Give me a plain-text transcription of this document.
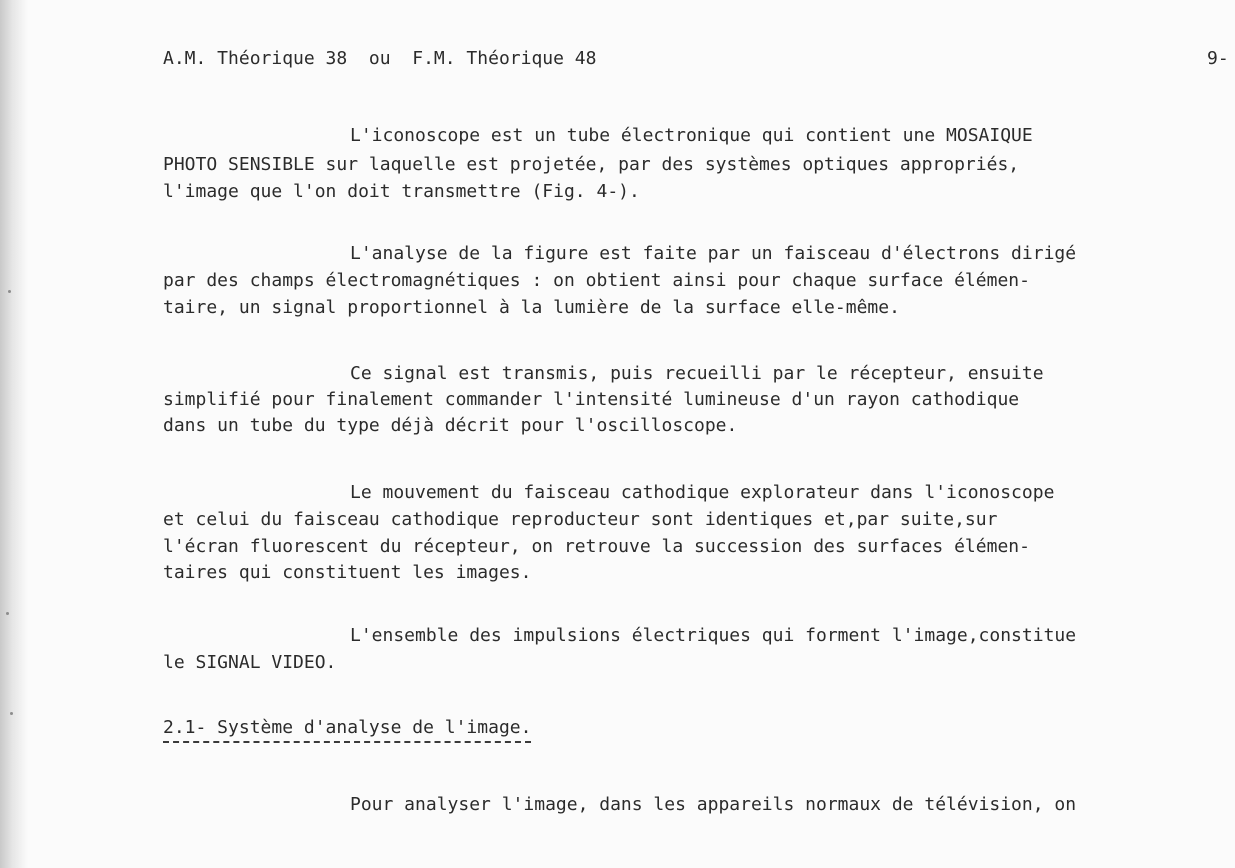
A.M. Théorique 38  ou  F.M. Théorique 48	9-
L'iconoscope est un tube électronique qui contient une MOSAIQUE
PHOTO SENSIBLE sur laquelle est projetée, par des systèmes optiques appropriés,
l'image que l'on doit transmettre (Fig. 4-).
L'analyse de la figure est faite par un faisceau d'électrons dirigé
par des champs électromagnétiques : on obtient ainsi pour chaque surface élémen-
taire, un signal proportionnel à la lumière de la surface elle-même.
Ce signal est transmis, puis recueilli par le récepteur, ensuite
simplifié pour finalement commander l'intensité lumineuse d'un rayon cathodique
dans un tube du type déjà décrit pour l'oscilloscope.
Le mouvement du faisceau cathodique explorateur dans l'iconoscope
et celui du faisceau cathodique reproducteur sont identiques et,par suite,sur
l'écran fluorescent du récepteur, on retrouve la succession des surfaces élémen-
taires qui constituent les images.
L'ensemble des impulsions électriques qui forment l'image,constitue
le SIGNAL VIDEO.
2.1- Système d'analyse de l'image.
Pour analyser l'image, dans les appareils normaux de télévision, on
